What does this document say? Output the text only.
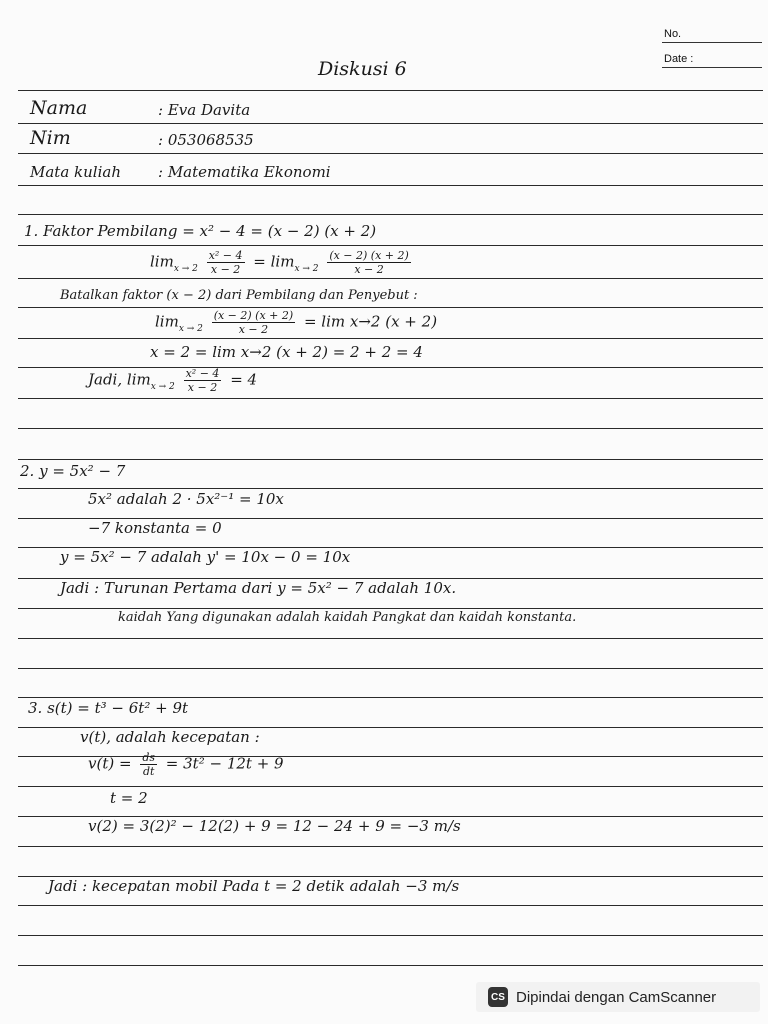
No.
Date :
Diskusi 6
Nama	: Eva Davita
Nim	: 053068535
Mata kuliah : Matematika Ekonomi
1. Faktor Pembilang = x² − 4 = (x − 2) (x + 2)
$\lim_{x \to 2} \frac{\text{x² − 4}}{x - 2} = \lim_{x \to 2} \frac{(x - 2) (x + 2)}{x - 2}$
Batalkan faktor (x − 2) dari Pembilang dan Penyebut :
$\lim_{x \to 2} \frac{(x - 2) (x + 2)}{x - 2} = \lim x\to 2$ (x + 2)
x = 2 = lim x→2 (x + 2) = 2 + 2 = 4
Jadi, $\lim_{x \to 2} \frac{\text{x² − 4}}{x - 2} = 4$
2. y = 5x² − 7
5x² adalah 2 · 5x²⁻¹ = 10x
−7 konstanta = 0
y = 5x² − 7 adalah y' = 10x − 0 = 10x
Jadi : Turunan Pertama dari y = 5x² − 7 adalah 10x.
kaidah Yang digunakan adalah kaidah Pangkat dan kaidah konstanta.
3. s(t) = t³ − 6t² + 9t
v(t), adalah kecepatan :
$v(t) = \frac{ds}{dt} = 3t^2 - 12t + 9$
t = 2
v(2) = 3(2)² − 12(2) + 9 = 12 − 24 + 9 = −3 m/s
Jadi : kecepatan mobil Pada t = 2 detik adalah −3 m/s
CS Dipindai dengan CamScanner
